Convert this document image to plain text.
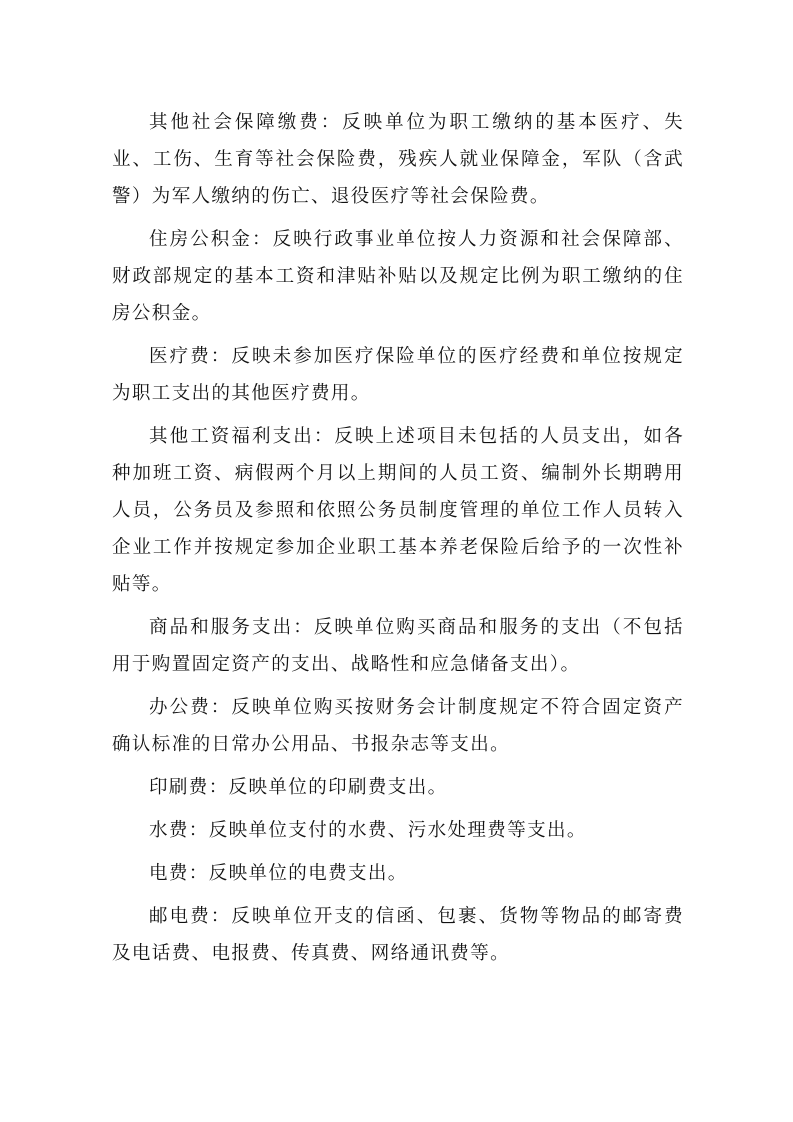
其他社会保障缴费：反映单位为职工缴纳的基本医疗、失业、工伤、生育等社会保险费，残疾人就业保障金，军队（含武警）为军人缴纳的伤亡、退役医疗等社会保险费。

住房公积金：反映行政事业单位按人力资源和社会保障部、财政部规定的基本工资和津贴补贴以及规定比例为职工缴纳的住房公积金。

医疗费：反映未参加医疗保险单位的医疗经费和单位按规定为职工支出的其他医疗费用。

其他工资福利支出：反映上述项目未包括的人员支出，如各种加班工资、病假两个月以上期间的人员工资、编制外长期聘用人员，公务员及参照和依照公务员制度管理的单位工作人员转入企业工作并按规定参加企业职工基本养老保险后给予的一次性补贴等。

商品和服务支出：反映单位购买商品和服务的支出（不包括用于购置固定资产的支出、战略性和应急储备支出）。

办公费：反映单位购买按财务会计制度规定不符合固定资产确认标准的日常办公用品、书报杂志等支出。

印刷费：反映单位的印刷费支出。

水费：反映单位支付的水费、污水处理费等支出。

电费：反映单位的电费支出。

邮电费：反映单位开支的信函、包裹、货物等物品的邮寄费及电话费、电报费、传真费、网络通讯费等。
